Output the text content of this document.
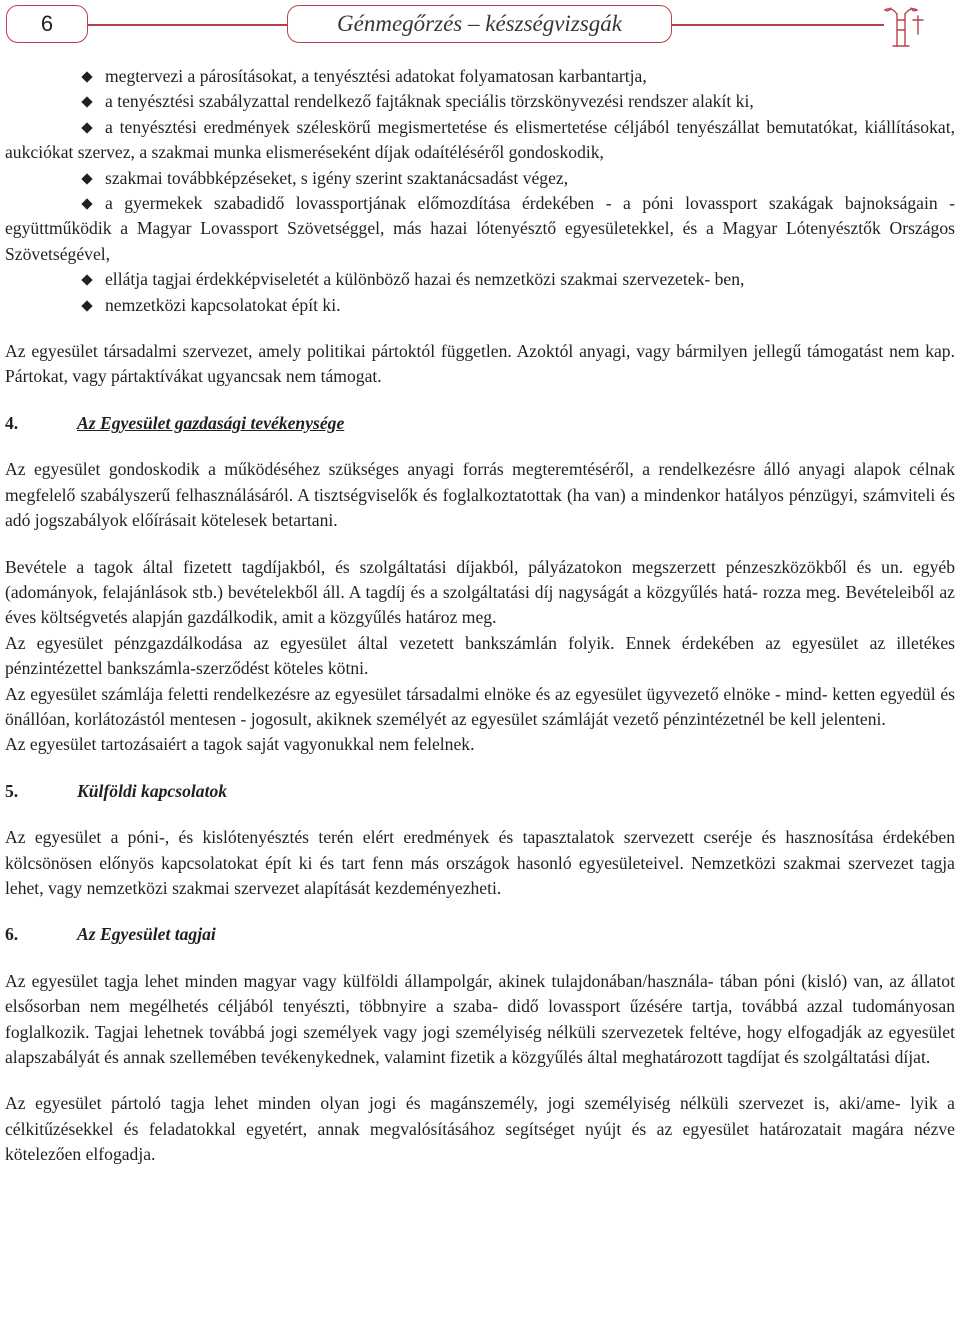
6	Génmegőrzés – készségvizsgák
megtervezi a párosításokat, a tenyésztési adatokat folyamatosan karbantartja,
a tenyésztési szabályzattal rendelkező fajtáknak speciális törzskönyvezési rendszer alakít ki,
a tenyésztési eredmények széleskörű megismertetése és elismertetése céljából tenyészállat bemutatókat, kiállításokat, aukciókat szervez, a szakmai munka elismeréseként díjak odaítéléséről gondoskodik,
szakmai továbbképzéseket, s igény szerint szaktanácsadást végez,
a gyermekek szabadidő lovassportjának előmozdítása érdekében - a póni lovassport szakágak bajnokságain - együttműködik a Magyar Lovassport Szövetséggel, más hazai lótenyésztő egyesületekkel, és a Magyar Lótenyésztők Országos Szövetségével,
ellátja tagjai érdekképviseletét a különböző hazai és nemzetközi szakmai szervezetek- ben,
nemzetközi kapcsolatokat épít ki.

Az egyesület társadalmi szervezet, amely politikai pártoktól független. Azoktól anyagi, vagy bármilyen jellegű támogatást nem kap. Pártokat, vagy pártaktívákat ugyancsak nem támogat.

4.	Az Egyesület gazdasági tevékenysége

Az egyesület gondoskodik a működéséhez szükséges anyagi forrás megteremtéséről, a rendelkezésre álló anyagi alapok célnak megfelelő szabályszerű felhasználásáról. A tisztségviselők és foglalkoztatottak (ha van) a mindenkor hatályos pénzügyi, számviteli és adó jogszabályok előírásait kötelesek betartani.

Bevétele a tagok által fizetett tagdíjakból, és szolgáltatási díjakból, pályázatokon megszerzett pénzeszközökből és un. egyéb (adományok, felajánlások stb.) bevételekből áll. A tagdíj és a szolgáltatási díj nagyságát a közgyűlés hatá- rozza meg. Bevételeiből az éves költségvetés alapján gazdálkodik, amit a közgyűlés határoz meg.

Az egyesület pénzgazdálkodása az egyesület által vezetett bankszámlán folyik. Ennek érdekében az egyesület az illetékes pénzintézettel bankszámla-szerződést köteles kötni.

Az egyesület számlája feletti rendelkezésre az egyesület társadalmi elnöke és az egyesület ügyvezető elnöke - mind- ketten egyedül és önállóan, korlátozástól mentesen - jogosult, akiknek személyét az egyesület számláját vezető pénzintézetnél be kell jelenteni.

Az egyesület tartozásaiért a tagok saját vagyonukkal nem felelnek.

5.	Külföldi kapcsolatok

Az egyesület a póni-, és kislótenyésztés terén elért eredmények és tapasztalatok szervezett cseréje és hasznosítása érdekében kölcsönösen előnyös kapcsolatokat épít ki és tart fenn más országok hasonló egyesületeivel. Nemzetközi szakmai szervezet tagja lehet, vagy nemzetközi szakmai szervezet alapítását kezdeményezheti.

6.	Az Egyesület tagjai

Az egyesület tagja lehet minden magyar vagy külföldi állampolgár, akinek tulajdonában/használa- tában póni (kisló) van, az állatot elsősorban nem megélhetés céljából tenyészti, többnyire a szaba- didő lovassport űzésére tartja, továbbá azzal tudományosan foglalkozik. Tagjai lehetnek továbbá jogi személyek vagy jogi személyiség nélküli szervezetek feltéve, hogy elfogadják az egyesület alapszabályát és annak szellemében tevékenykednek, valamint fizetik a közgyűlés által meghatározott tagdíjat és szolgáltatási díjat.

Az egyesület pártoló tagja lehet minden olyan jogi és magánszemély, jogi személyiség nélküli szervezet is, aki/ame- lyik a célkitűzésekkel és feladatokkal egyetért, annak megvalósításához segítséget nyújt és az egyesület határozatait magára nézve kötelezően elfogadja.
